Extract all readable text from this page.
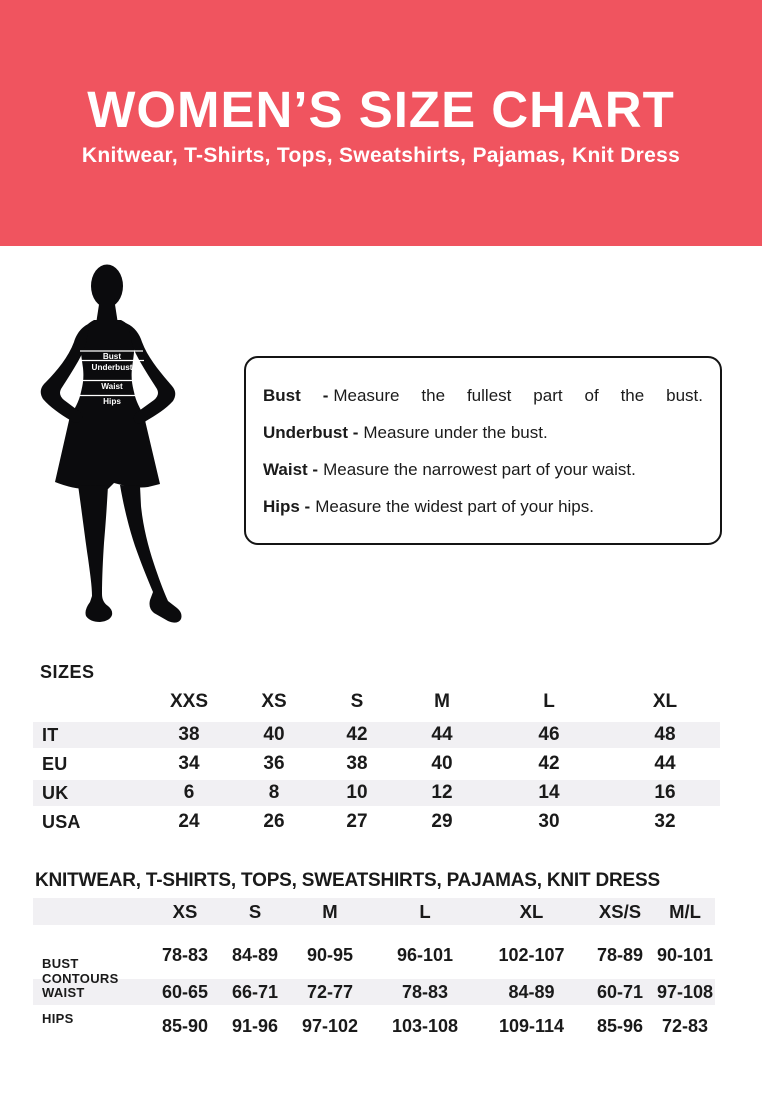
WOMEN’S SIZE CHART
Knitwear, T-Shirts, Tops, Sweatshirts, Pajamas, Knit Dress
Bust
Underbust
Waist
Hips	Bust - Measure the fullest part of the bust.
Underbust - Measure under the bust.
Waist - Measure the narrowest part of your waist.
Hips - Measure the widest part of your hips.
SIZES
XXS	XS	S	M	L	XL
IT	38	40	42	44	46	48
EU	34	36	38	40	42	44
UK	6	8	10	12	14	16
USA	24	26	27	29	30	32
KNITWEAR, T-SHIRTS, TOPS, SWEATSHIRTS, PAJAMAS, KNIT DRESS
XS	S	M	L	XL	XS/S	M/L
BUST CONTOURS
78-83	84-89	90-95	96-101	102-107	78-89 90-101
WAIST	60-65	66-71	72-77	78-83	84-89	60-71 97-108
HIPS	85-90	91-96	97-102	103-108	109-114	85-96	72-83
